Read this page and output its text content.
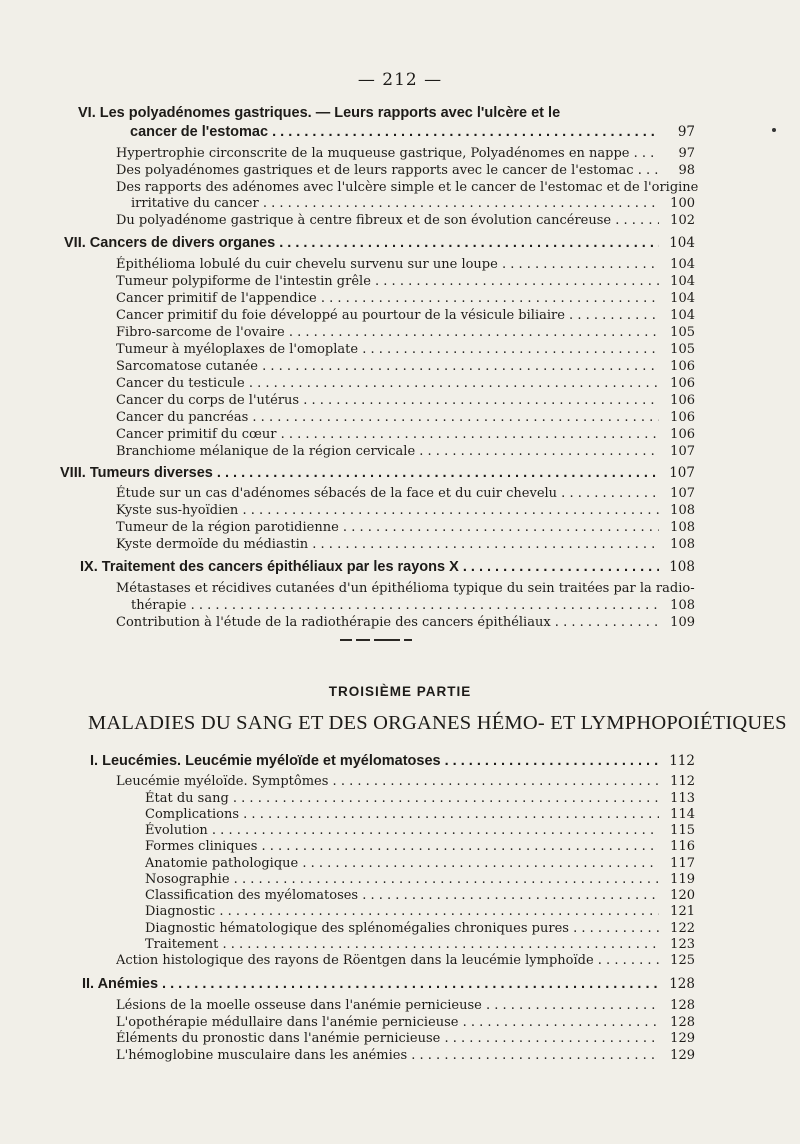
— 212 —
VI. Les polyadénomes gastriques. — Leurs rapports avec l'ulcère et le
cancer de l'estomac . . .	97
Hypertrophie circonscrite de la muqueuse gastrique, Polyadénomes en nappe . . .	97
Des polyadénomes gastriques et de leurs rapports avec le cancer de l'estomac . . .	98
Des rapports des adénomes avec l'ulcère simple et le cancer de l'estomac et de l'origine
irritative du cancer . . .	100
Du polyadénome gastrique à centre fibreux et de son évolution cancéreuse . . .	102
VII. Cancers de divers organes . . .	104
Épithélioma lobulé du cuir chevelu survenu sur une loupe . . .	104
Tumeur polypiforme de l'intestin grêle . . .	104
Cancer primitif de l'appendice . . .	104
Cancer primitif du foie développé au pourtour de la vésicule biliaire . . .	104
Fibro-sarcome de l'ovaire . . .	105
Tumeur à myéloplaxes de l'omoplate . . .	105
Sarcomatose cutanée . . .	106
Cancer du testicule . . .	106
Cancer du corps de l'utérus . . .	106
Cancer du pancréas . . .	106
Cancer primitif du cœur . . .	106
Branchiome mélanique de la région cervicale . . .	107
VIII. Tumeurs diverses . . .	107
Étude sur un cas d'adénomes sébacés de la face et du cuir chevelu . . .	107
Kyste sus-hyoïdien . . .	108
Tumeur de la région parotidienne . . .	108
Kyste dermoïde du médiastin . . .	108
IX. Traitement des cancers épithéliaux par les rayons X . . .	108
Métastases et récidives cutanées d'un épithélioma typique du sein traitées par la radio-
thérapie . . .	108
Contribution à l'étude de la radiothérapie des cancers épithéliaux . . .	109
TROISIÈME PARTIE
MALADIES DU SANG ET DES ORGANES HÉMO- ET LYMPHOPOIÉTIQUES
I. Leucémies. Leucémie myéloïde et myélomatoses . . .	112
Leucémie myéloïde. Symptômes . . .	112
État du sang . . .	113
Complications . . .	114
Évolution . . .	115
Formes cliniques . . .	116
Anatomie pathologique . . .	117
Nosographie . . .	119
Classification des myélomatoses . . .	120
Diagnostic . . .	121
Diagnostic hématologique des splénomégalies chroniques pures . . .	122
Traitement . . .	123
Action histologique des rayons de Röentgen dans la leucémie lymphoïde . . .	125
II. Anémies . . .	128
Lésions de la moelle osseuse dans l'anémie pernicieuse . . .	128
L'opothérapie médullaire dans l'anémie pernicieuse . . .	128
Éléments du pronostic dans l'anémie pernicieuse . . .	129
L'hémoglobine musculaire dans les anémies . . .	129
